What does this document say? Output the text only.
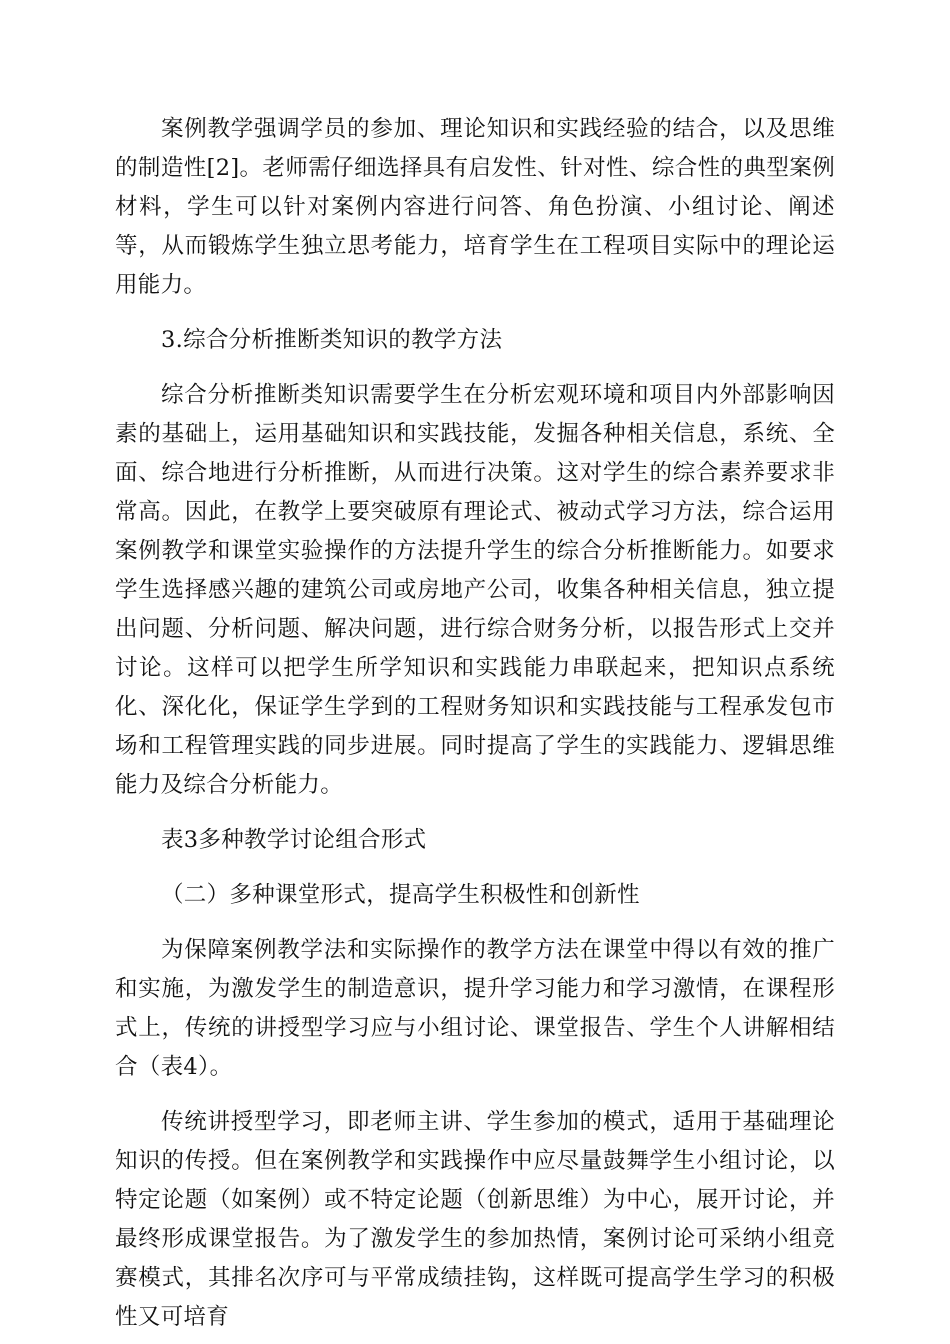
案例教学强调学员的参加、理论知识和实践经验的结合，以及思维的制造性[2]。老师需仔细选择具有启发性、针对性、综合性的典型案例材料，学生可以针对案例内容进行问答、角色扮演、小组讨论、阐述等，从而锻炼学生独立思考能力，培育学生在工程项目实际中的理论运用能力。

3.综合分析推断类知识的教学方法

综合分析推断类知识需要学生在分析宏观环境和项目内外部影响因素的基础上，运用基础知识和实践技能，发掘各种相关信息，系统、全面、综合地进行分析推断，从而进行决策。这对学生的综合素养要求非常高。因此，在教学上要突破原有理论式、被动式学习方法，综合运用案例教学和课堂实验操作的方法提升学生的综合分析推断能力。如要求学生选择感兴趣的建筑公司或房地产公司，收集各种相关信息，独立提出问题、分析问题、解决问题，进行综合财务分析，以报告形式上交并讨论。这样可以把学生所学知识和实践能力串联起来，把知识点系统化、深化化，保证学生学到的工程财务知识和实践技能与工程承发包市场和工程管理实践的同步进展。同时提高了学生的实践能力、逻辑思维能力及综合分析能力。

表3多种教学讨论组合形式

（二）多种课堂形式，提高学生积极性和创新性

为保障案例教学法和实际操作的教学方法在课堂中得以有效的推广和实施，为激发学生的制造意识，提升学习能力和学习激情，在课程形式上，传统的讲授型学习应与小组讨论、课堂报告、学生个人讲解相结合（表4）。

传统讲授型学习，即老师主讲、学生参加的模式，适用于基础理论知识的传授。但在案例教学和实践操作中应尽量鼓舞学生小组讨论，以特定论题（如案例）或不特定论题（创新思维）为中心，展开讨论，并最终形成课堂报告。为了激发学生的参加热情，案例讨论可采纳小组竞赛模式，其排名次序可与平常成绩挂钩，这样既可提高学生学习的积极性又可培育
